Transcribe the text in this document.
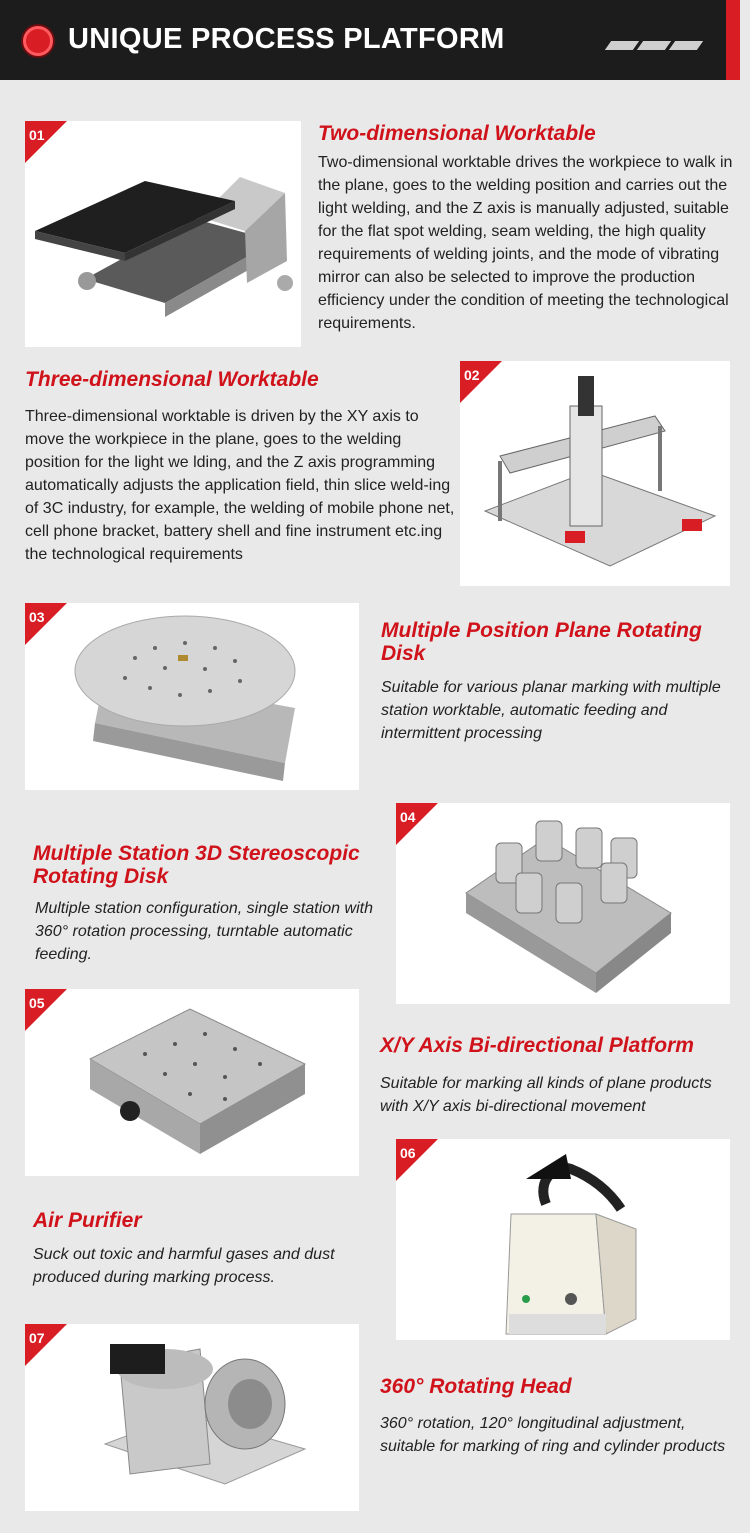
UNIQUE PROCESS PLATFORM
01	Two-dimensional Worktable
Two-dimensional worktable drives the workpiece to walk in the plane, goes to the welding position and carries out the light welding, and the Z axis is manually adjusted, suitable for the flat spot welding, seam welding, the high quality requirements of welding joints, and the mode of vibrating mirror can also be selected to improve the production efficiency under the condition of meeting the technological requirements.
Three-dimensional Worktable
Three-dimensional worktable is driven by the XY axis to move the workpiece in the plane, goes to the welding position for the light we lding, and the Z axis programming automatically adjusts the application field, thin slice weld-ing of 3C industry, for example, the welding of mobile phone net, cell phone bracket, battery shell and fine instrument etc.ing the technological requirements
02
03
Multiple Position Plane Rotating Disk
Suitable for various planar marking with multiple station worktable, automatic feeding and intermittent processing
Multiple Station 3D Stereoscopic Rotating Disk
Multiple station configuration, single station with 360° rotation processing, turntable automatic feeding.
04
05
X/Y Axis Bi-directional Platform
Suitable for marking all kinds of plane products with X/Y axis bi-directional movement
Air Purifier
Suck out toxic and harmful gases and dust produced during marking process.
06
07
360° Rotating Head
360° rotation, 120° longitudinal adjustment, suitable for marking of ring and cylinder products
